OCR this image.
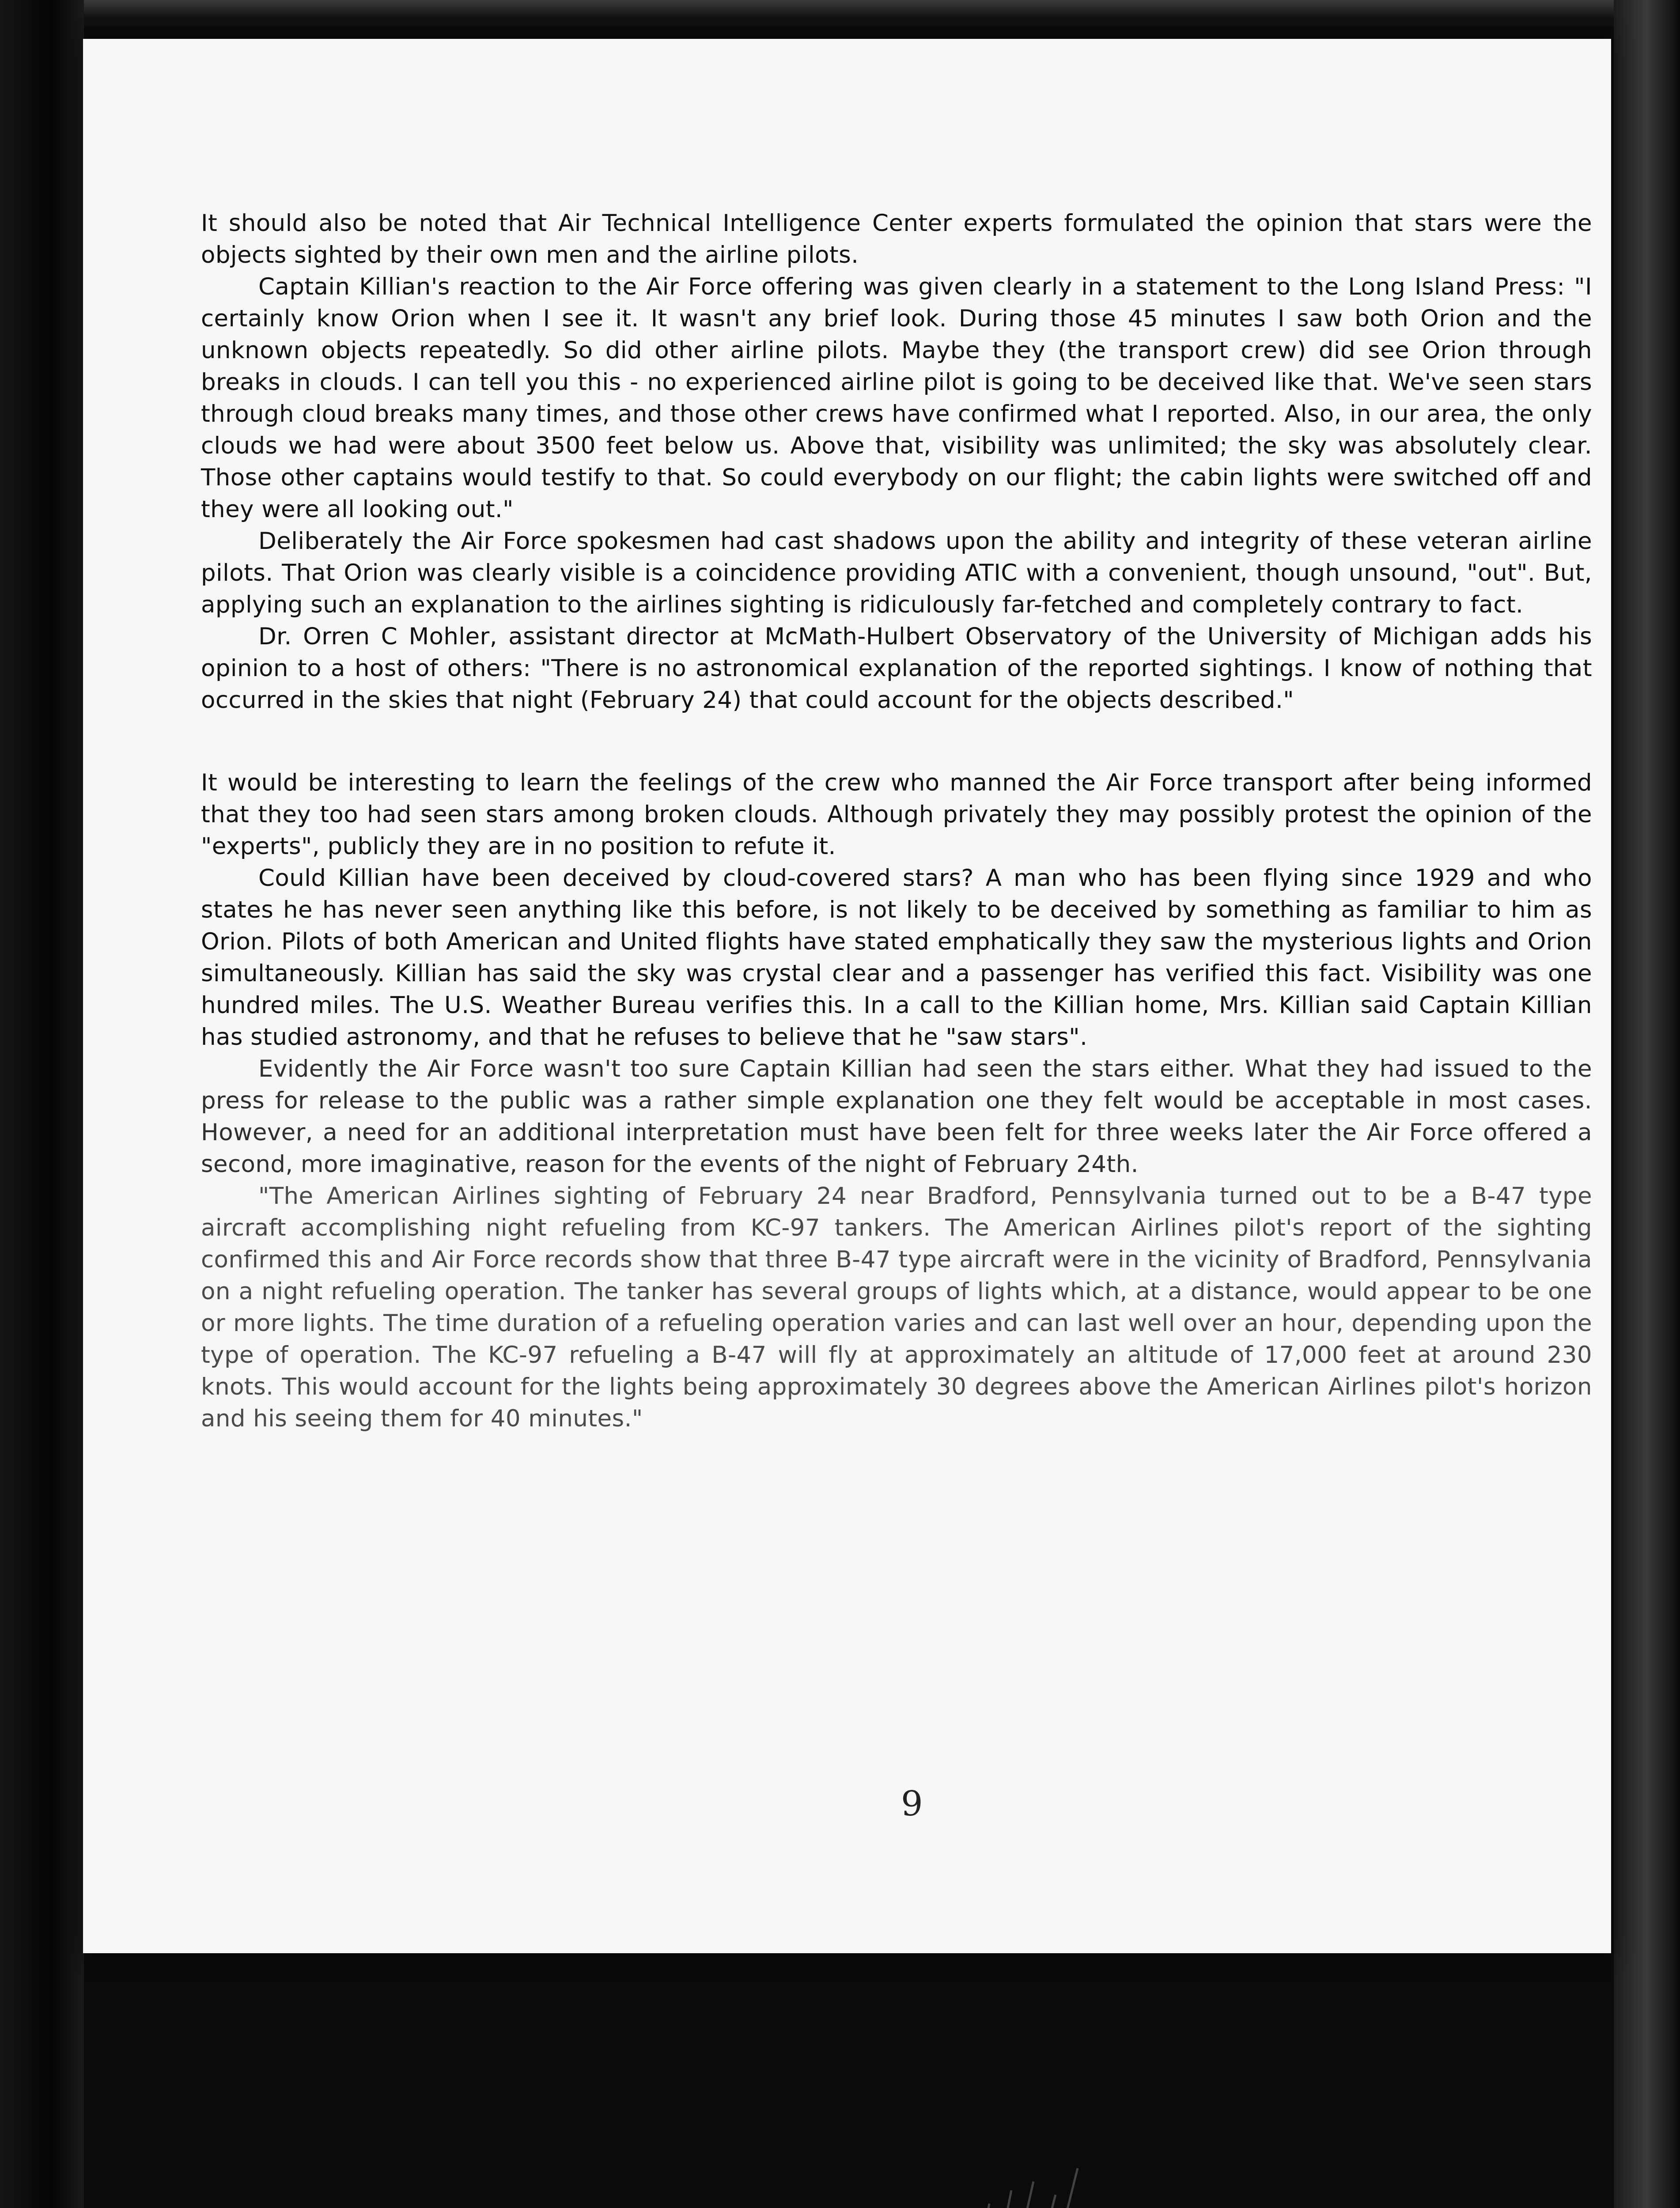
It should also be noted that Air Technical Intelligence Center experts formulated the opinion that stars were the objects sighted by their own men and the airline pilots.

Captain Killian's reaction to the Air Force offering was given clearly in a statement to the Long Island Press: "I certainly know Orion when I see it. It wasn't any brief look. During those 45 minutes I saw both Orion and the unknown objects repeatedly. So did other airline pilots. Maybe they (the transport crew) did see Orion through breaks in clouds. I can tell you this - no experienced airline pilot is going to be deceived like that. We've seen stars through cloud breaks many times, and those other crews have confirmed what I reported. Also, in our area, the only clouds we had were about 3500 feet below us. Above that, visibility was unlimited; the sky was absolutely clear. Those other captains would testify to that. So could everybody on our flight; the cabin lights were switched off and they were all looking out."

Deliberately the Air Force spokesmen had cast shadows upon the ability and integrity of these veteran airline pilots. That Orion was clearly visible is a coincidence providing ATIC with a convenient, though unsound, "out". But, applying such an explanation to the airlines sighting is ridiculously far-fetched and completely contrary to fact.

Dr. Orren C Mohler, assistant director at McMath-Hulbert Observatory of the University of Michigan adds his opinion to a host of others: "There is no astronomical explanation of the reported sightings. I know of nothing that occurred in the skies that night (February 24) that could account for the objects described."

It would be interesting to learn the feelings of the crew who manned the Air Force transport after being informed that they too had seen stars among broken clouds. Although privately they may possibly protest the opinion of the "experts", publicly they are in no position to refute it.

Could Killian have been deceived by cloud-covered stars? A man who has been flying since 1929 and who states he has never seen anything like this before, is not likely to be deceived by something as familiar to him as Orion. Pilots of both American and United flights have stated emphatically they saw the mysterious lights and Orion simultaneously. Killian has said the sky was crystal clear and a passenger has verified this fact. Visibility was one hundred miles. The U.S. Weather Bureau verifies this. In a call to the Killian home, Mrs. Killian said Captain Killian has studied astronomy, and that he refuses to believe that he "saw stars".

Evidently the Air Force wasn't too sure Captain Killian had seen the stars either. What they had issued to the press for release to the public was a rather simple explanation one they felt would be acceptable in most cases. However, a need for an additional interpretation must have been felt for three weeks later the Air Force offered a second, more imaginative, reason for the events of the night of February 24th.

"The American Airlines sighting of February 24 near Bradford, Pennsylvania turned out to be a B-47 type aircraft accomplishing night refueling from KC-97 tankers. The American Airlines pilot's report of the sighting confirmed this and Air Force records show that three B-47 type aircraft were in the vicinity of Bradford, Pennsylvania on a night refueling operation. The tanker has several groups of lights which, at a distance, would appear to be one or more lights. The time duration of a refueling operation varies and can last well over an hour, depending upon the type of operation. The KC-97 refueling a B-47 will fly at approximately an altitude of 17,000 feet at around 230 knots. This would account for the lights being approximately 30 degrees above the American Airlines pilot's horizon and his seeing them for 40 minutes."

9
